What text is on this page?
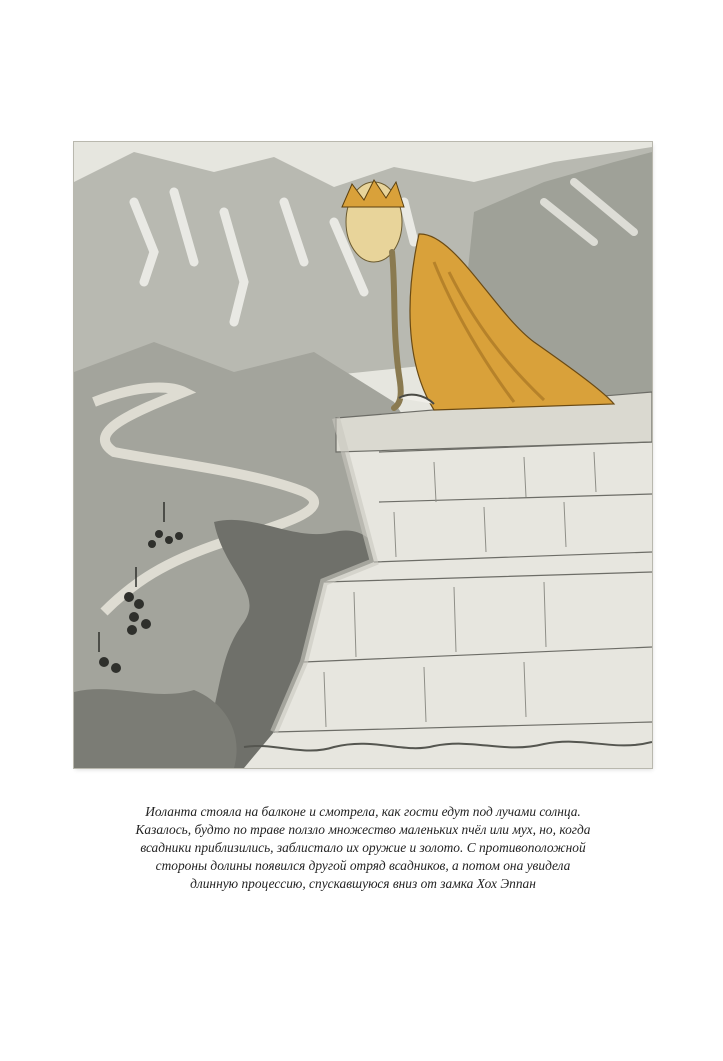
Иоланта стояла на балконе и смотрела, как гости едут под лучами солнца.
Казалось, будто по траве ползло множество маленьких пчёл или мух, но, когда
всадники приблизились, заблистало их оружие и золото. С противоположной
стороны долины появился другой отряд всадников, а потом она увидела
длинную процессию, спускавшуюся вниз от замка Хох Эппан
